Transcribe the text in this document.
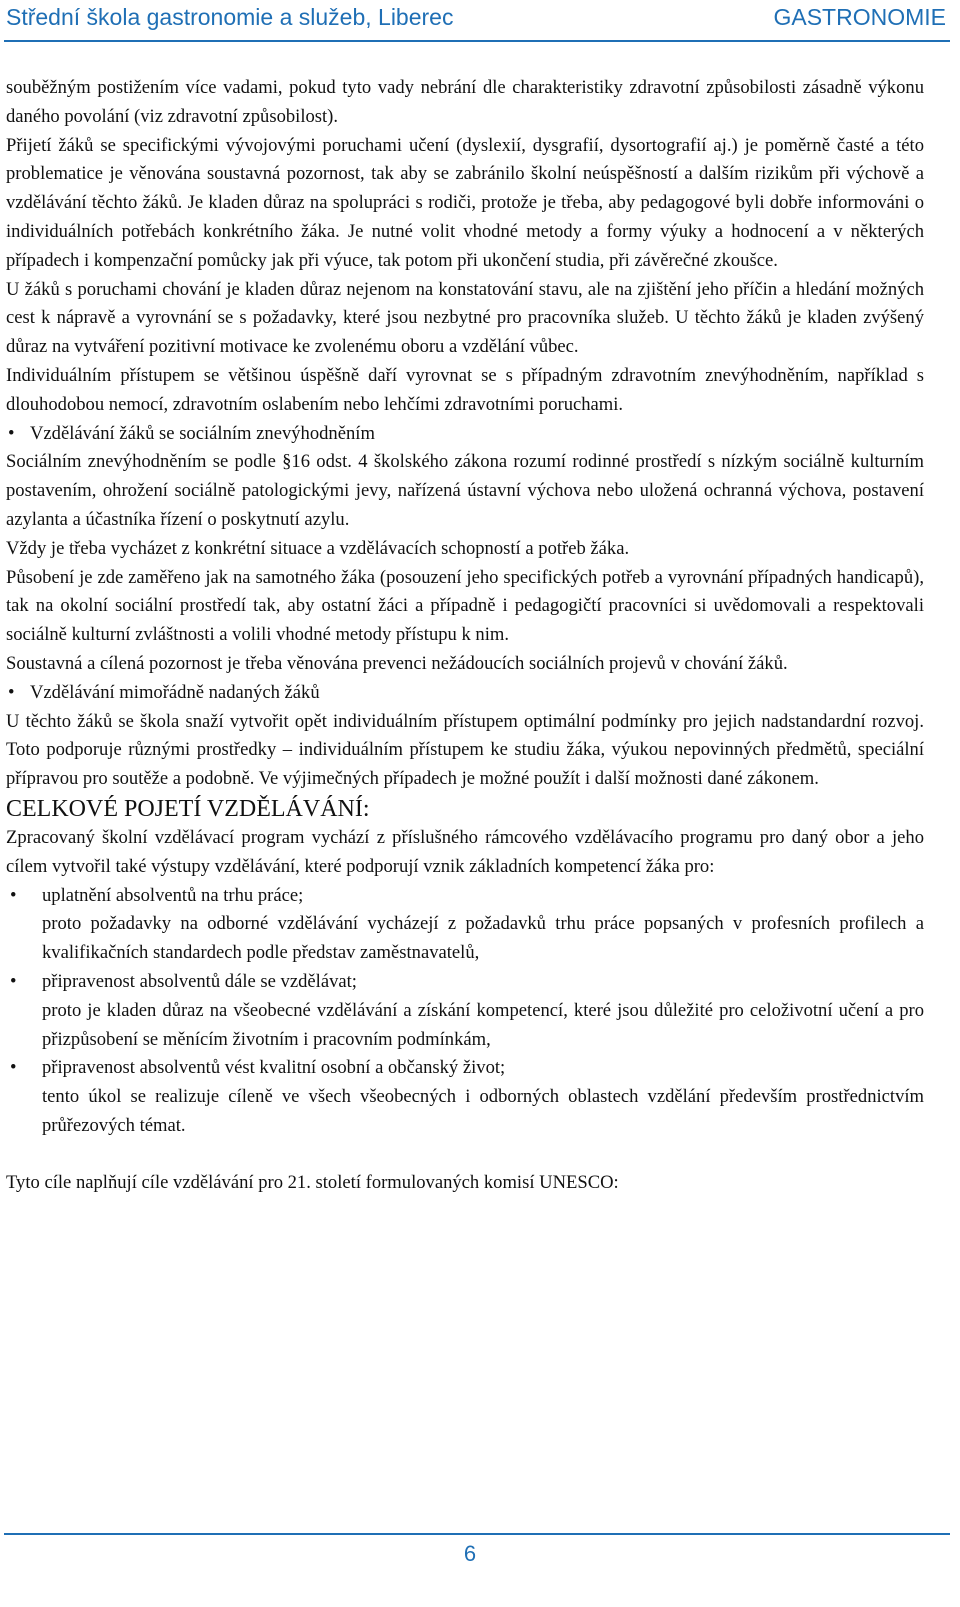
Střední škola gastronomie a služeb, Liberec	GASTRONOMIE

souběžným postižením více vadami, pokud tyto vady nebrání dle charakteristiky zdravotní způsobilosti zásadně výkonu daného povolání (viz zdravotní způsobilost).

Přijetí žáků se specifickými vývojovými poruchami učení (dyslexií, dysgrafií, dysortografií aj.) je poměrně časté a této problematice je věnována soustavná pozornost, tak aby se zabránilo školní neúspěšností a dalším rizikům při výchově a vzdělávání těchto žáků. Je kladen důraz na spolupráci s rodiči, protože je třeba, aby pedagogové byli dobře informováni o individuálních potřebách konkrétního žáka. Je nutné volit vhodné metody a formy výuky a hodnocení a v některých případech i kompenzační pomůcky jak při výuce, tak potom při ukončení studia, při závěrečné zkoušce.

U žáků s poruchami chování je kladen důraz nejenom na konstatování stavu, ale na zjištění jeho příčin a hledání možných cest k nápravě a vyrovnání se s požadavky, které jsou nezbytné pro pracovníka služeb. U těchto žáků je kladen zvýšený důraz na vytváření pozitivní motivace ke zvolenému oboru a vzdělání vůbec.

Individuálním přístupem se většinou úspěšně daří vyrovnat se s případným zdravotním znevýhodněním, například s dlouhodobou nemocí, zdravotním oslabením nebo lehčími zdravotními poruchami.

• Vzdělávání žáků se sociálním znevýhodněním

Sociálním znevýhodněním se podle §16 odst. 4 školského zákona rozumí rodinné prostředí s nízkým sociálně kulturním postavením, ohrožení sociálně patologickými jevy, nařízená ústavní výchova nebo uložená ochranná výchova, postavení azylanta a účastníka řízení o poskytnutí azylu.

Vždy je třeba vycházet z konkrétní situace a vzdělávacích schopností a potřeb žáka.

Působení je zde zaměřeno jak na samotného žáka (posouzení jeho specifických potřeb a vyrovnání případných handicapů), tak na okolní sociální prostředí tak, aby ostatní žáci a případně i pedagogičtí pracovníci si uvědomovali a respektovali sociálně kulturní zvláštnosti a volili vhodné metody přístupu k nim.

Soustavná a cílená pozornost je třeba věnována prevenci nežádoucích sociálních projevů v chování žáků.

• Vzdělávání mimořádně nadaných žáků

U těchto žáků se škola snaží vytvořit opět individuálním přístupem optimální podmínky pro jejich nadstandardní rozvoj. Toto podporuje různými prostředky – individuálním přístupem ke studiu žáka, výukou nepovinných předmětů, speciální přípravou pro soutěže a podobně. Ve výjimečných případech je možné použít i další možnosti dané zákonem.

CELKOVÉ POJETÍ VZDĚLÁVÁNÍ:

Zpracovaný školní vzdělávací program vychází z příslušného rámcového vzdělávacího programu pro daný obor a jeho cílem vytvořil také výstupy vzdělávání, které podporují vznik základních kompetencí žáka pro:

• uplatnění absolventů na trhu práce;
proto požadavky na odborné vzdělávání vycházejí z požadavků trhu práce popsaných v profesních profilech a kvalifikačních standardech podle představ zaměstnavatelů,
• připravenost absolventů dále se vzdělávat;
proto je kladen důraz na všeobecné vzdělávání a získání kompetencí, které jsou důležité pro celoživotní učení a pro přizpůsobení se měnícím životním i pracovním podmínkám,
• připravenost absolventů vést kvalitní osobní a občanský život;
tento úkol se realizuje cíleně ve všech všeobecných i odborných oblastech vzdělání především prostřednictvím průřezových témat.

Tyto cíle naplňují cíle vzdělávání pro 21. století formulovaných komisí UNESCO:

6
